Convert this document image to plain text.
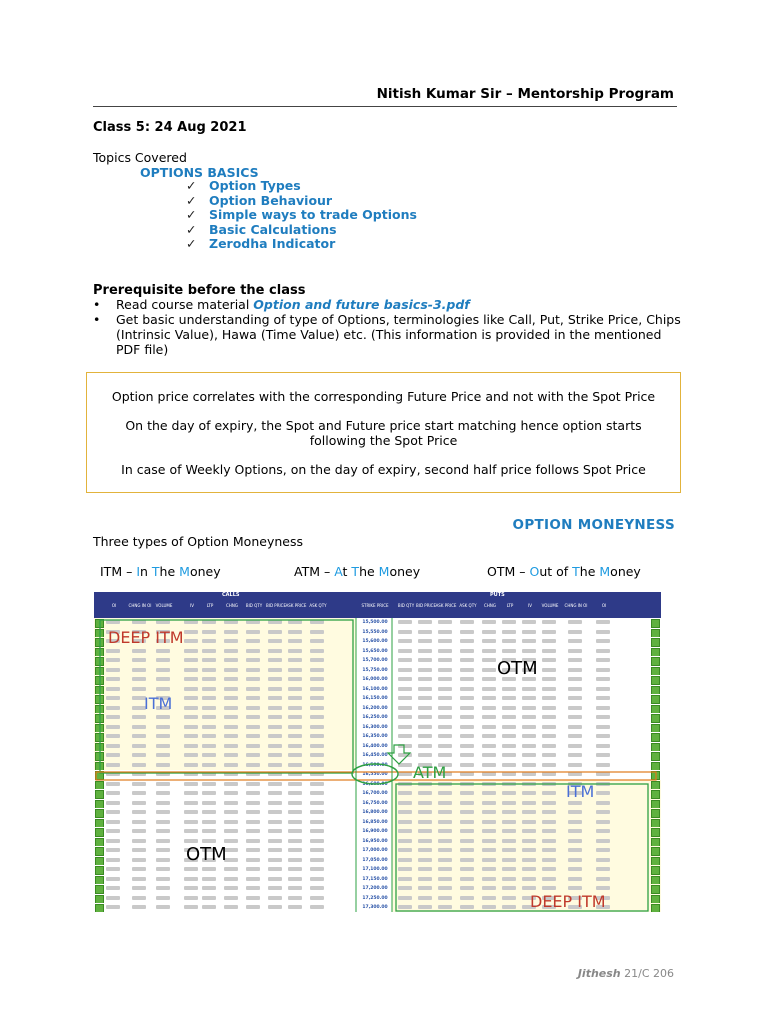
Nitish Kumar Sir – Mentorship Program
Class 5: 24 Aug 2021
Topics Covered
OPTIONS BASICS
✓ Option Types
✓ Option Behaviour
✓ Simple ways to trade Options
✓ Basic Calculations
✓ Zerodha Indicator
Prerequisite before the class
• Read course material Option and future basics-3.pdf
• Get basic understanding of type of Options, terminologies like Call, Put, Strike Price, Chips (Intrinsic Value), Hawa (Time Value) etc. (This information is provided in the mentioned PDF file)

Option price correlates with the corresponding Future Price and not with the Spot Price

On the day of expiry, the Spot and Future price start matching hence option starts following the Spot Price

In case of Weekly Options, on the day of expiry, second half price follows Spot Price

OPTION MONEYNESS
Three types of Option Moneyness
ITM – In The Money	ATM – At The Money	OTM – Out of The Money
CALLS	PUTS
OI	CHNG IN OI	VOLUME	IV	LTP	CHNG	BID QTY BID PRICE ASK PRICE ASK QTY	STRIKE PRICE	BID QTY BID PRICE ASK PRICE ASK QTY	CHNG	LTP	IV	VOLUME	CHNG IN OI	OI
15,500.00
15,550.00
15,600.00
15,650.00
15,700.00
15,750.00
16,000.00
16,100.00
16,150.00
16,200.00
16,250.00
16,300.00
16,350.00
16,400.00
16,450.00
16,500.00
16,550.00
16,600.00
16,700.00
16,750.00
16,800.00
16,850.00
16,900.00
16,950.00
17,000.00
17,050.00
17,100.00
17,150.00
17,200.00
17,250.00
17,300.00
DEEP ITM
ITM
OTM
ATM
ITM
OTM
DEEP ITM
Jithesh 21/C 206
